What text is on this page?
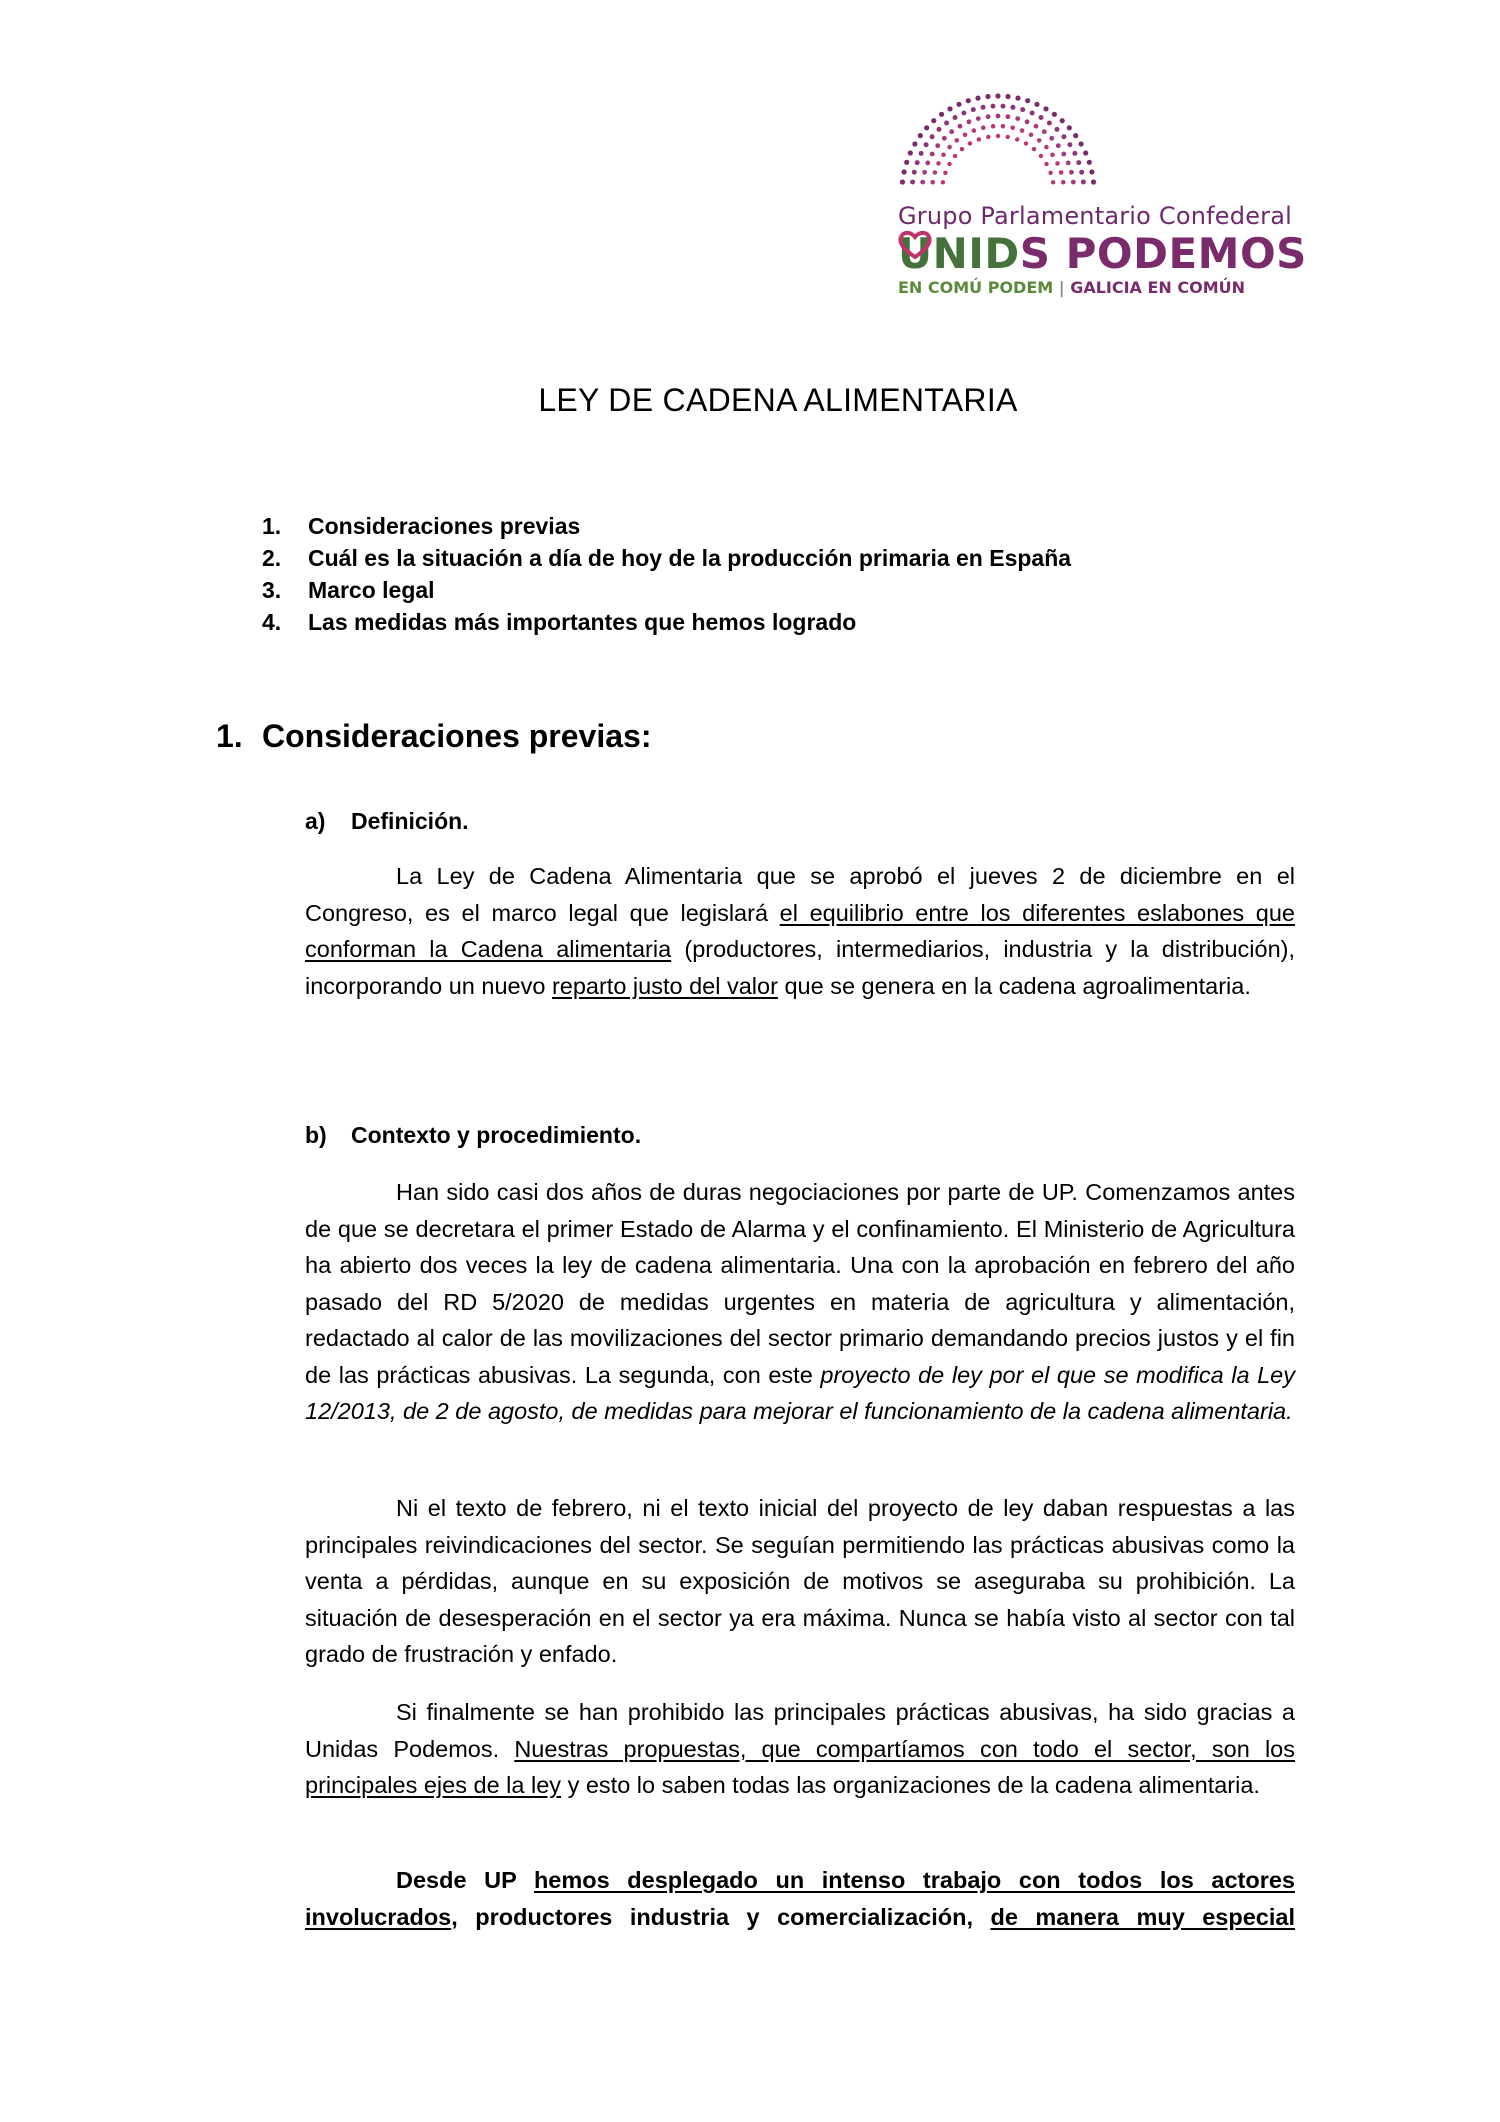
Grupo Parlamentario Confederal
UNID
S PODEMOS
EN COMÚ PODEM | GALICIA EN COMÚN
LEY DE CADENA ALIMENTARIA
1. Consideraciones previas
2. Cuál es la situación a día de hoy de la producción primaria en España
3. Marco legal
4. Las medidas más importantes que hemos logrado
1. Consideraciones previas:
a) Definición.

La Ley de Cadena Alimentaria que se aprobó el jueves 2 de diciembre en el Congreso, es el marco legal que legislará el equilibrio entre los diferentes eslabones que conforman la Cadena alimentaria (productores, intermediarios, industria y la distribución), incorporando un nuevo reparto justo del valor que se genera en la cadena agroalimentaria.

b) Contexto y procedimiento.

Han sido casi dos años de duras negociaciones por parte de UP. Comenzamos antes de que se decretara el primer Estado de Alarma y el confinamiento. El Ministerio de Agricultura ha abierto dos veces la ley de cadena alimentaria. Una con la aprobación en febrero del año pasado del RD 5/2020 de medidas urgentes en materia de agricultura y alimentación, redactado al calor de las movilizaciones del sector primario demandando precios justos y el fin de las prácticas abusivas. La segunda, con este proyecto de ley por el que se modifica la Ley 12/2013, de 2 de agosto, de medidas para mejorar el funcionamiento de la cadena alimentaria.

Ni el texto de febrero, ni el texto inicial del proyecto de ley daban respuestas a las principales reivindicaciones del sector. Se seguían permitiendo las prácticas abusivas como la venta a pérdidas, aunque en su exposición de motivos se aseguraba su prohibición. La situación de desesperación en el sector ya era máxima. Nunca se había visto al sector con tal grado de frustración y enfado.

Si finalmente se han prohibido las principales prácticas abusivas, ha sido gracias a Unidas Podemos. Nuestras propuestas, que compartíamos con todo el sector, son los principales ejes de la ley y esto lo saben todas las organizaciones de la cadena alimentaria.

Desde UP hemos desplegado un intenso trabajo con todos los actores involucrados, productores industria y comercialización, de manera muy especial
